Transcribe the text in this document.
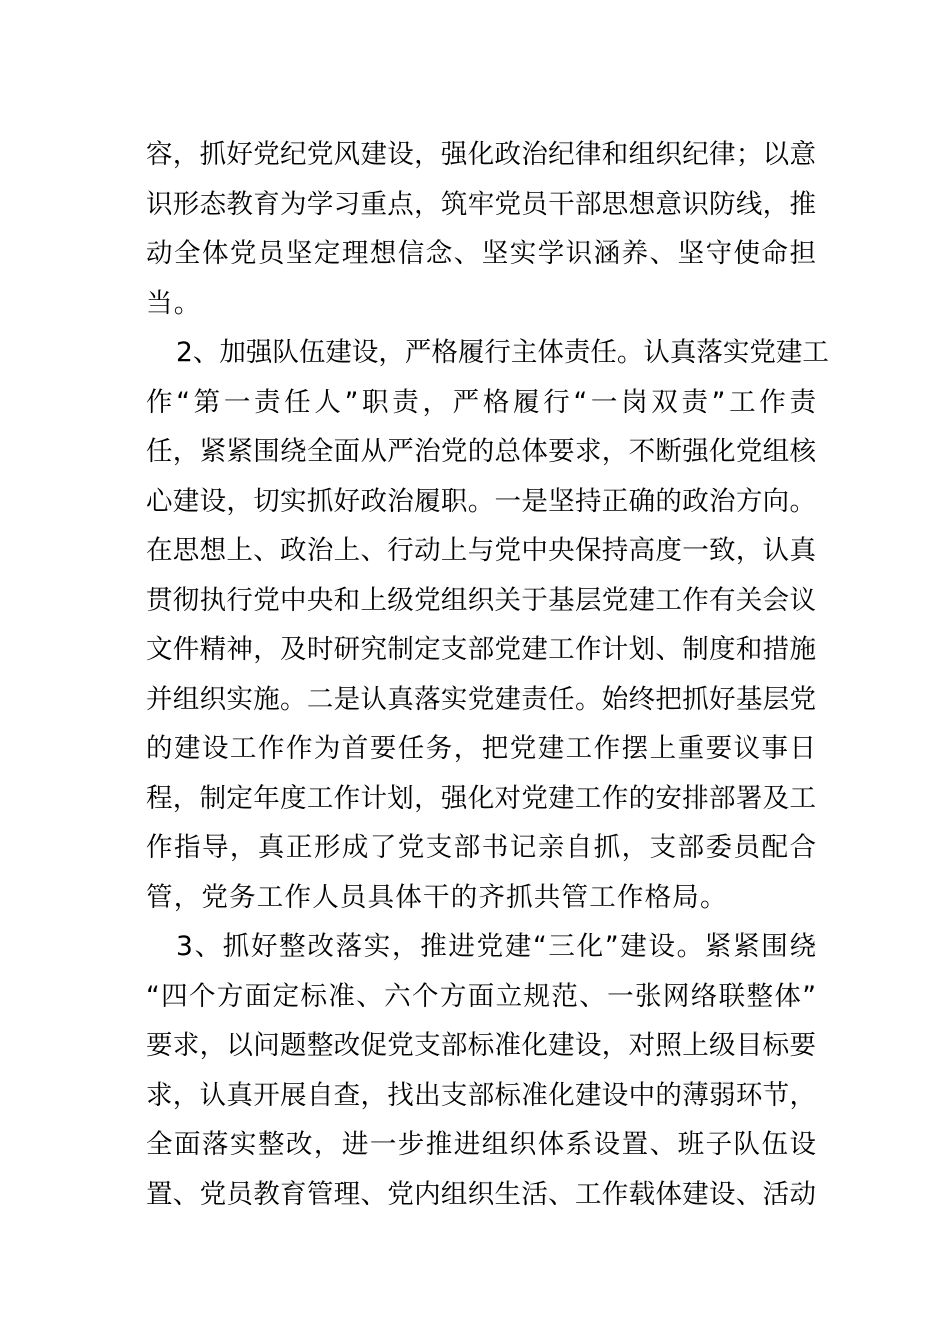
容，抓好党纪党风建设，强化政治纪律和组织纪律；以意
识形态教育为学习重点，筑牢党员干部思想意识防线，推
动全体党员坚定理想信念、坚实学识涵养、坚守使命担
当。
2、加强队伍建设，严格履行主体责任。认真落实党建工
作“第一责任人”职责，严格履行“一岗双责”工作责
任，紧紧围绕全面从严治党的总体要求，不断强化党组核
心建设，切实抓好政治履职。一是坚持正确的政治方向。
在思想上、政治上、行动上与党中央保持高度一致，认真
贯彻执行党中央和上级党组织关于基层党建工作有关会议
文件精神，及时研究制定支部党建工作计划、制度和措施
并组织实施。二是认真落实党建责任。始终把抓好基层党
的建设工作作为首要任务，把党建工作摆上重要议事日
程，制定年度工作计划，强化对党建工作的安排部署及工
作指导，真正形成了党支部书记亲自抓，支部委员配合
管，党务工作人员具体干的齐抓共管工作格局。
3、抓好整改落实，推进党建“三化”建设。紧紧围绕
“四个方面定标准、六个方面立规范、一张网络联整体”
要求，以问题整改促党支部标准化建设，对照上级目标要
求，认真开展自查，找出支部标准化建设中的薄弱环节，
全面落实整改，进一步推进组织体系设置、班子队伍设
置、党员教育管理、党内组织生活、工作载体建设、活动
